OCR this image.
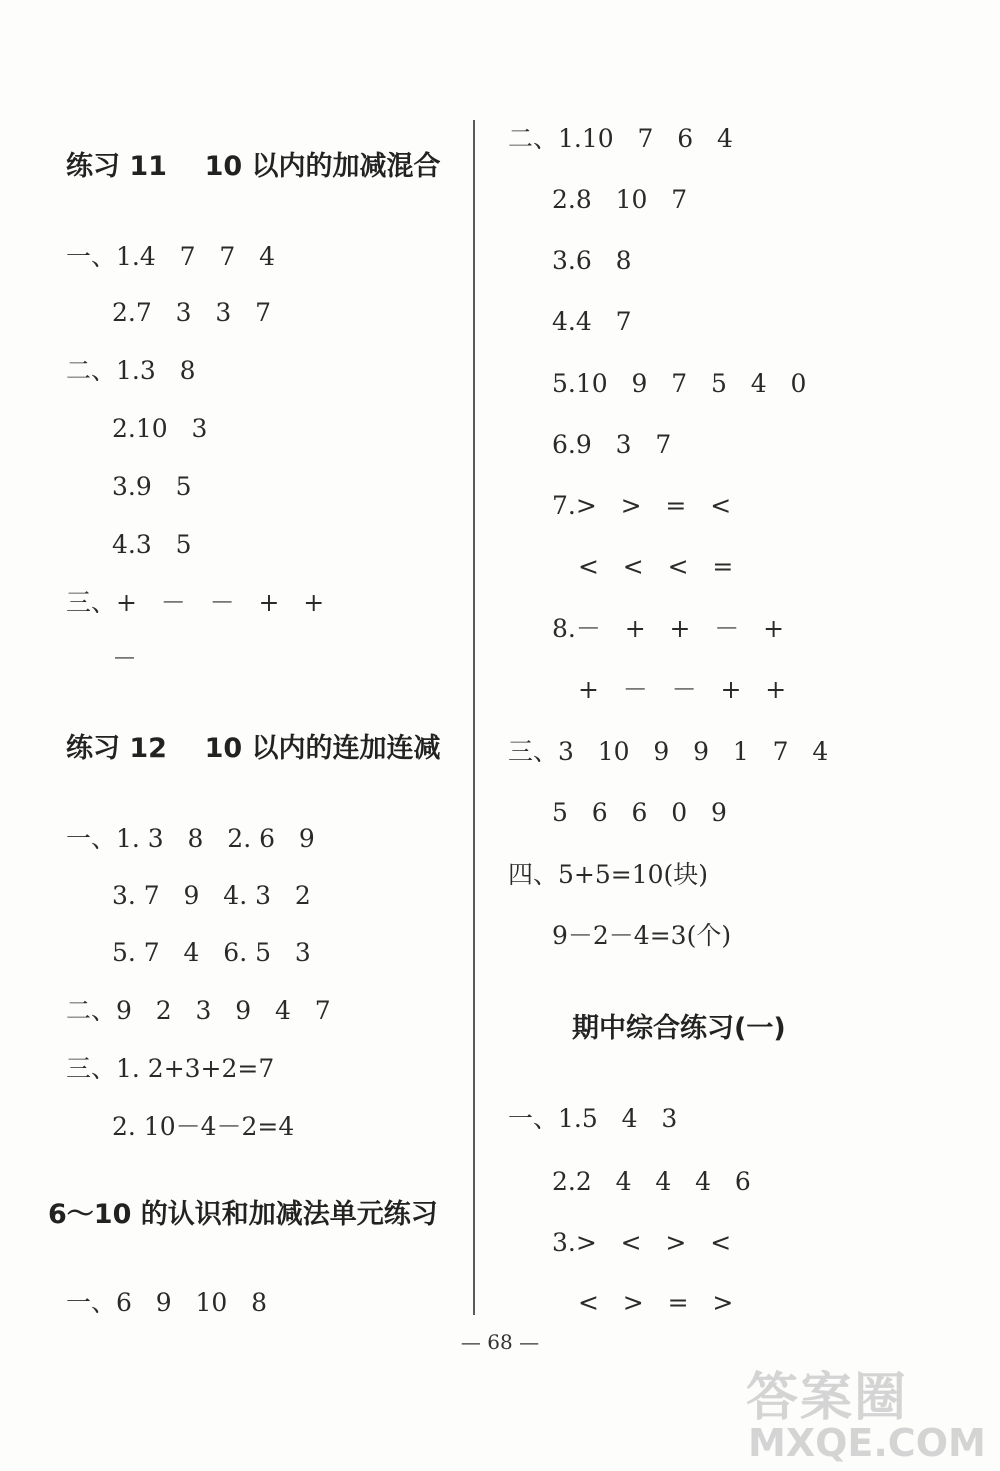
练习 11    10 以内的加减混合
一、1.4   7   7   4
2.7   3   3   7
二、1.3   8
2.10   3
3.9   5
4.3   5
三、+   －   －   +   +
－
练习 12    10 以内的连加连减
一、1. 3   8   2. 6   9
3. 7   9   4. 3   2
5. 7   4   6. 5   3
二、9   2   3   9   4   7
三、1. 2+3+2=7
2. 10－4－2=4
6～10 的认识和加减法单元练习
一、6   9   10   8
二、1.10   7   6   4
2.8   10   7
3.6   8
4.4   7
5.10   9   7   5   4   0
6.9   3   7
7.>   >   =   <
<   <   <   =
8.－   +   +   －   +
+   －   －   +   +
三、3   10   9   9   1   7   4
5   6   6   0   9
四、5+5=10(块)
9－2－4=3(个)
期中综合练习(一)
一、1.5   4   3
2.2   4   4   4   6
3.>   <   >   <
<   >   =   >
— 68 —
答案圈
MXQE.COM
